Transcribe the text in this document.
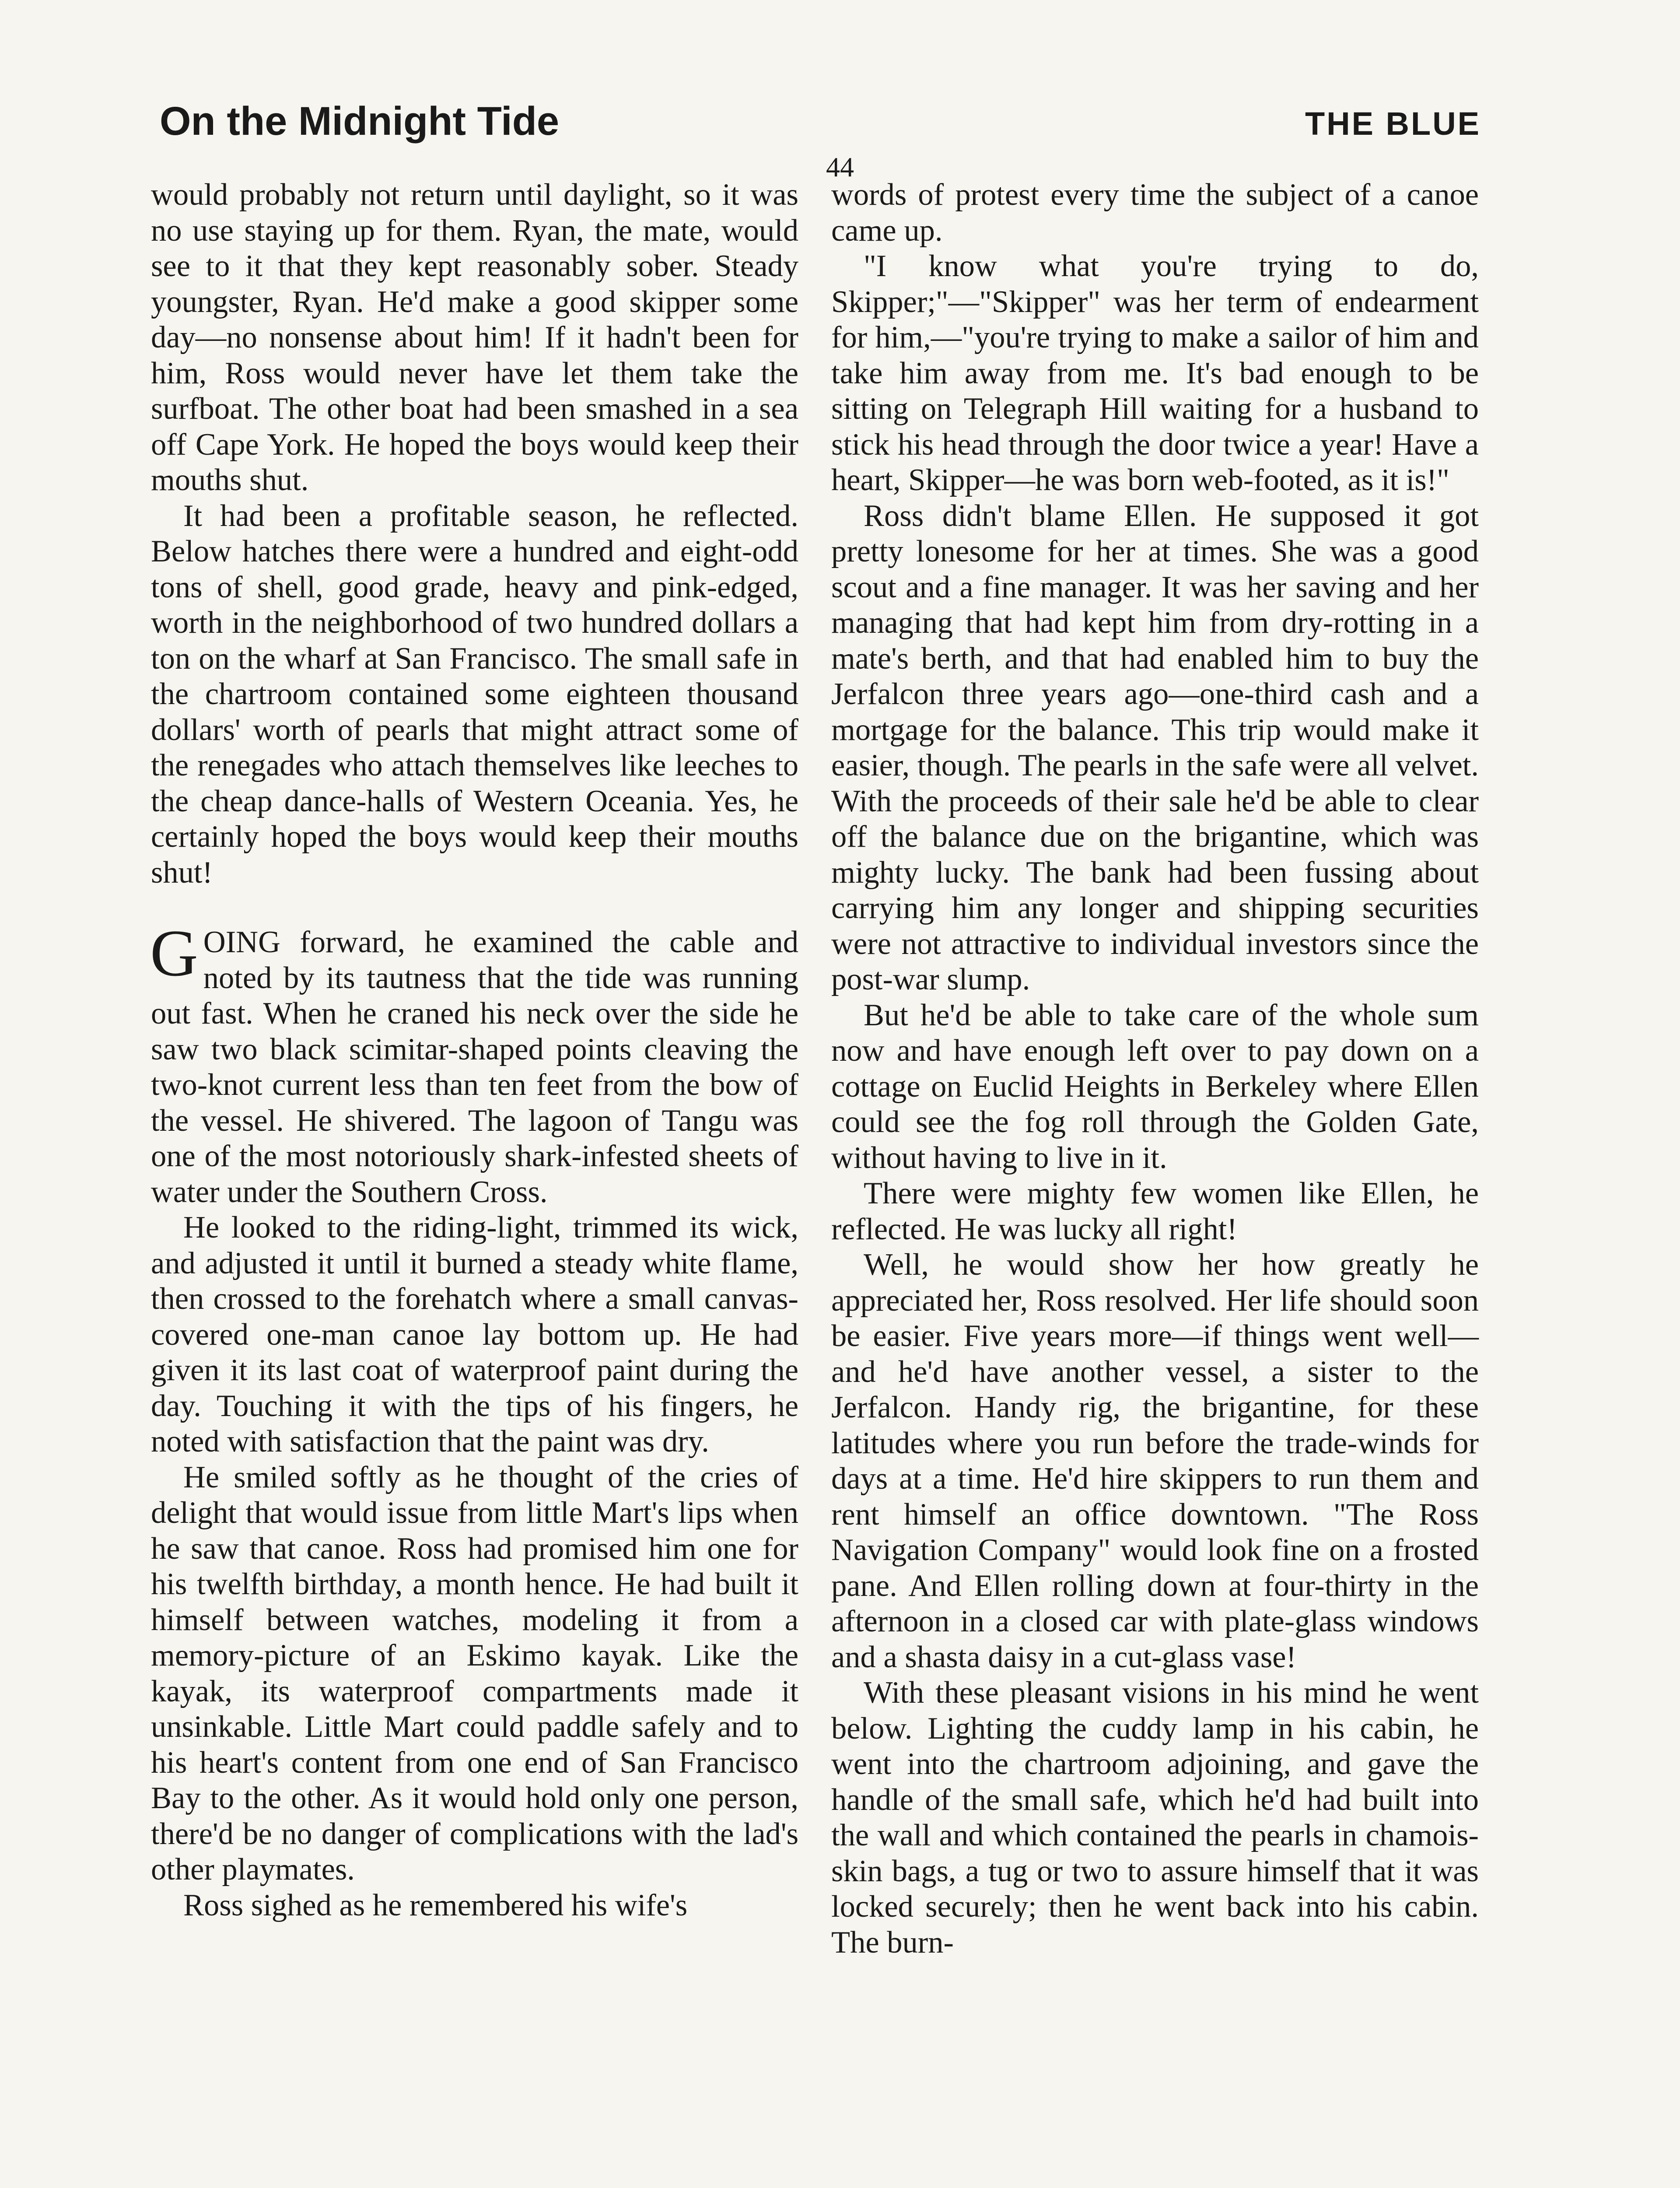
On the Midnight Tide	THE BLUE
44

would probably not return until daylight, so it was no use staying up for them. Ryan, the mate, would see to it that they kept reasonably sober. Steady youngster, Ryan. He'd make a good skipper some day—no nonsense about him! If it hadn't been for him, Ross would never have let them take the surfboat. The other boat had been smashed in a sea off Cape York. He hoped the boys would keep their mouths shut.

It had been a profitable season, he reflected. Below hatches there were a hundred and eight-odd tons of shell, good grade, heavy and pink-edged, worth in the neighborhood of two hundred dollars a ton on the wharf at San Francisco. The small safe in the chartroom contained some eighteen thousand dollars' worth of pearls that might attract some of the renegades who attach themselves like leeches to the cheap dance-halls of Western Oceania. Yes, he certainly hoped the boys would keep their mouths shut!

GOING forward, he examined the cable and noted by its tautness that the tide was running out fast. When he craned his neck over the side he saw two black scimitar-shaped points cleaving the two-knot current less than ten feet from the bow of the vessel. He shivered. The lagoon of Tangu was one of the most notoriously shark-infested sheets of water under the Southern Cross.

He looked to the riding-light, trimmed its wick, and adjusted it until it burned a steady white flame, then crossed to the forehatch where a small canvas-covered one-man canoe lay bottom up. He had given it its last coat of waterproof paint during the day. Touching it with the tips of his fingers, he noted with satisfaction that the paint was dry.

He smiled softly as he thought of the cries of delight that would issue from little Mart's lips when he saw that canoe. Ross had promised him one for his twelfth birthday, a month hence. He had built it himself between watches, modeling it from a memory-picture of an Eskimo kayak. Like the kayak, its waterproof compartments made it unsinkable. Little Mart could paddle safely and to his heart's content from one end of San Francisco Bay to the other. As it would hold only one person, there'd be no danger of complications with the lad's other playmates.

Ross sighed as he remembered his wife's

words of protest every time the subject of a canoe came up.

"I know what you're trying to do, Skipper;"—"Skipper" was her term of endearment for him,—"you're trying to make a sailor of him and take him away from me. It's bad enough to be sitting on Telegraph Hill waiting for a husband to stick his head through the door twice a year! Have a heart, Skipper—he was born web-footed, as it is!"

Ross didn't blame Ellen. He supposed it got pretty lonesome for her at times. She was a good scout and a fine manager. It was her saving and her managing that had kept him from dry-rotting in a mate's berth, and that had enabled him to buy the Jerfalcon three years ago—one-third cash and a mortgage for the balance. This trip would make it easier, though. The pearls in the safe were all velvet. With the proceeds of their sale he'd be able to clear off the balance due on the brigantine, which was mighty lucky. The bank had been fussing about carrying him any longer and shipping securities were not attractive to individual investors since the post-war slump.

But he'd be able to take care of the whole sum now and have enough left over to pay down on a cottage on Euclid Heights in Berkeley where Ellen could see the fog roll through the Golden Gate, without having to live in it.

There were mighty few women like Ellen, he reflected. He was lucky all right!

Well, he would show her how greatly he appreciated her, Ross resolved. Her life should soon be easier. Five years more—if things went well—and he'd have another vessel, a sister to the Jerfalcon. Handy rig, the brigantine, for these latitudes where you run before the trade-winds for days at a time. He'd hire skippers to run them and rent himself an office downtown. "The Ross Navigation Company" would look fine on a frosted pane. And Ellen rolling down at four-thirty in the afternoon in a closed car with plate-glass windows and a shasta daisy in a cut-glass vase!

With these pleasant visions in his mind he went below. Lighting the cuddy lamp in his cabin, he went into the chartroom adjoining, and gave the handle of the small safe, which he'd had built into the wall and which contained the pearls in chamois-skin bags, a tug or two to assure himself that it was locked securely; then he went back into his cabin. The burn-
